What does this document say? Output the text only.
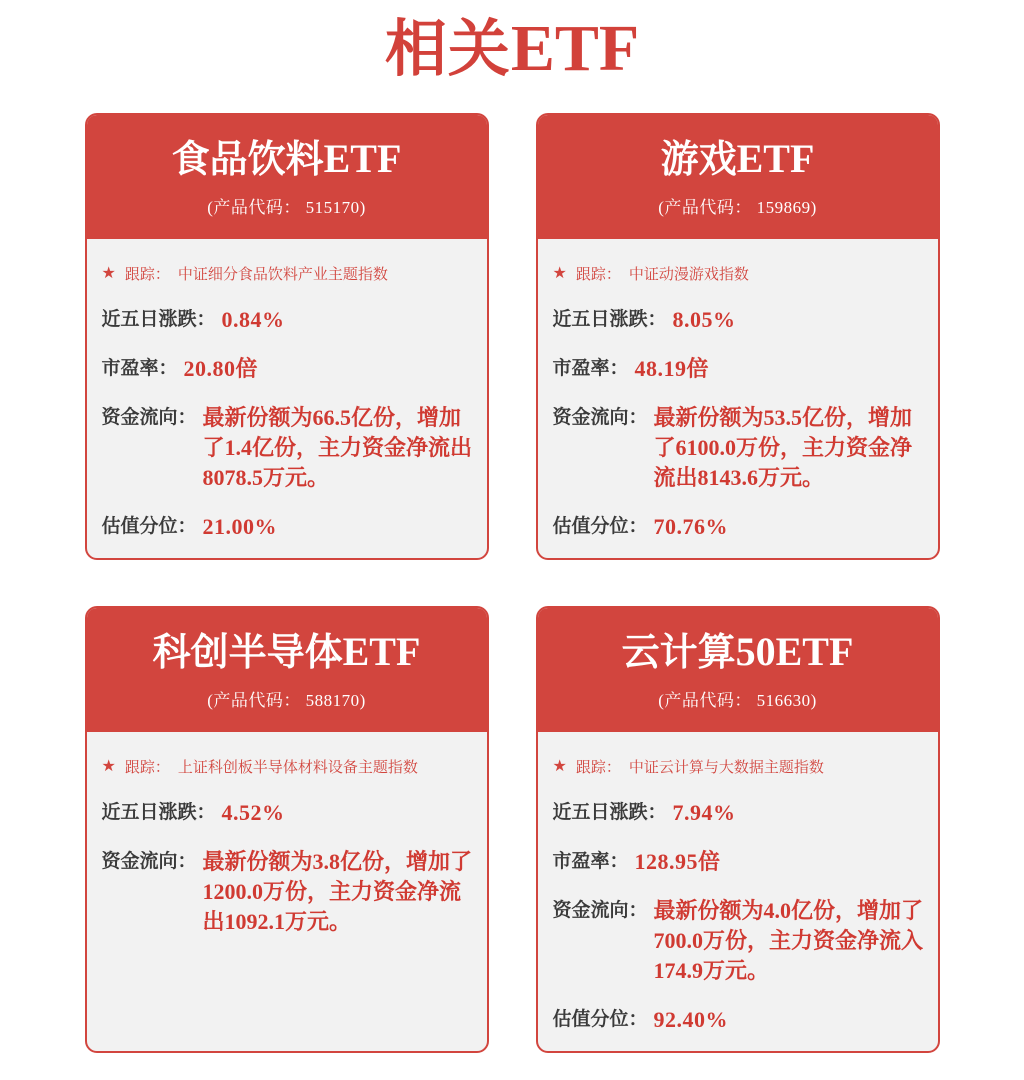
相关ETF
食品饮料ETF
(产品代码： 515170)
★ 跟踪： 中证细分食品饮料产业主题指数
近五日涨跌： 0.84%
市盈率： 20.80倍
资金流向： 最新份额为66.5亿份，增加了1.4亿份，主力资金净流出8078.5万元。
估值分位： 21.00%
游戏ETF
(产品代码： 159869)
★ 跟踪： 中证动漫游戏指数
近五日涨跌： 8.05%
市盈率： 48.19倍
资金流向： 最新份额为53.5亿份，增加了6100.0万份，主力资金净流出8143.6万元。
估值分位： 70.76%
科创半导体ETF
(产品代码： 588170)
★ 跟踪： 上证科创板半导体材料设备主题指数
近五日涨跌： 4.52%
资金流向： 最新份额为3.8亿份，增加了1200.0万份，主力资金净流出1092.1万元。
云计算50ETF
(产品代码： 516630)
★ 跟踪： 中证云计算与大数据主题指数
近五日涨跌： 7.94%
市盈率： 128.95倍
资金流向： 最新份额为4.0亿份，增加了700.0万份，主力资金净流入174.9万元。
估值分位： 92.40%
